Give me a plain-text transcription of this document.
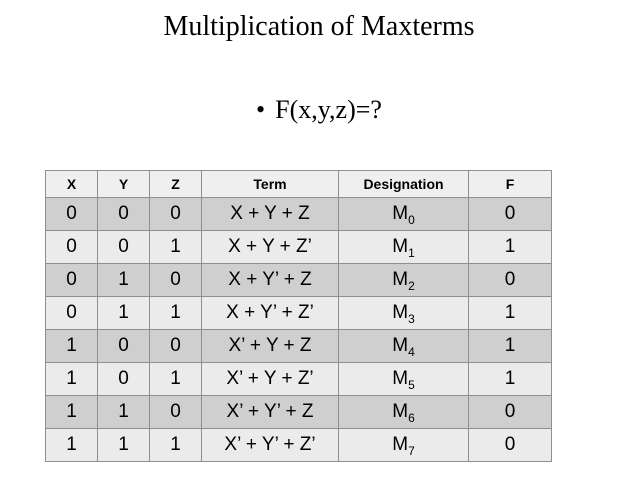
Multiplication of Maxterms
• F(x,y,z)=?
X	Y	Z	Term	Designation	F
0	0	0	X + Y + Z	$M_0$	0
0	0	1	X + Y + Z’	$M_1$	1
0	1	0	X + Y’ + Z	$M_2$	0
0	1	1	X + Y’ + Z’	$M_3$	1
1	0	0	X’ + Y + Z	$M_4$	1
1	0	1	X’ + Y + Z’	$M_5$	1
1	1	0	X’ + Y’ + Z	$M_6$	0
1	1	1	X’ + Y’ + Z’	$M_7$	0
